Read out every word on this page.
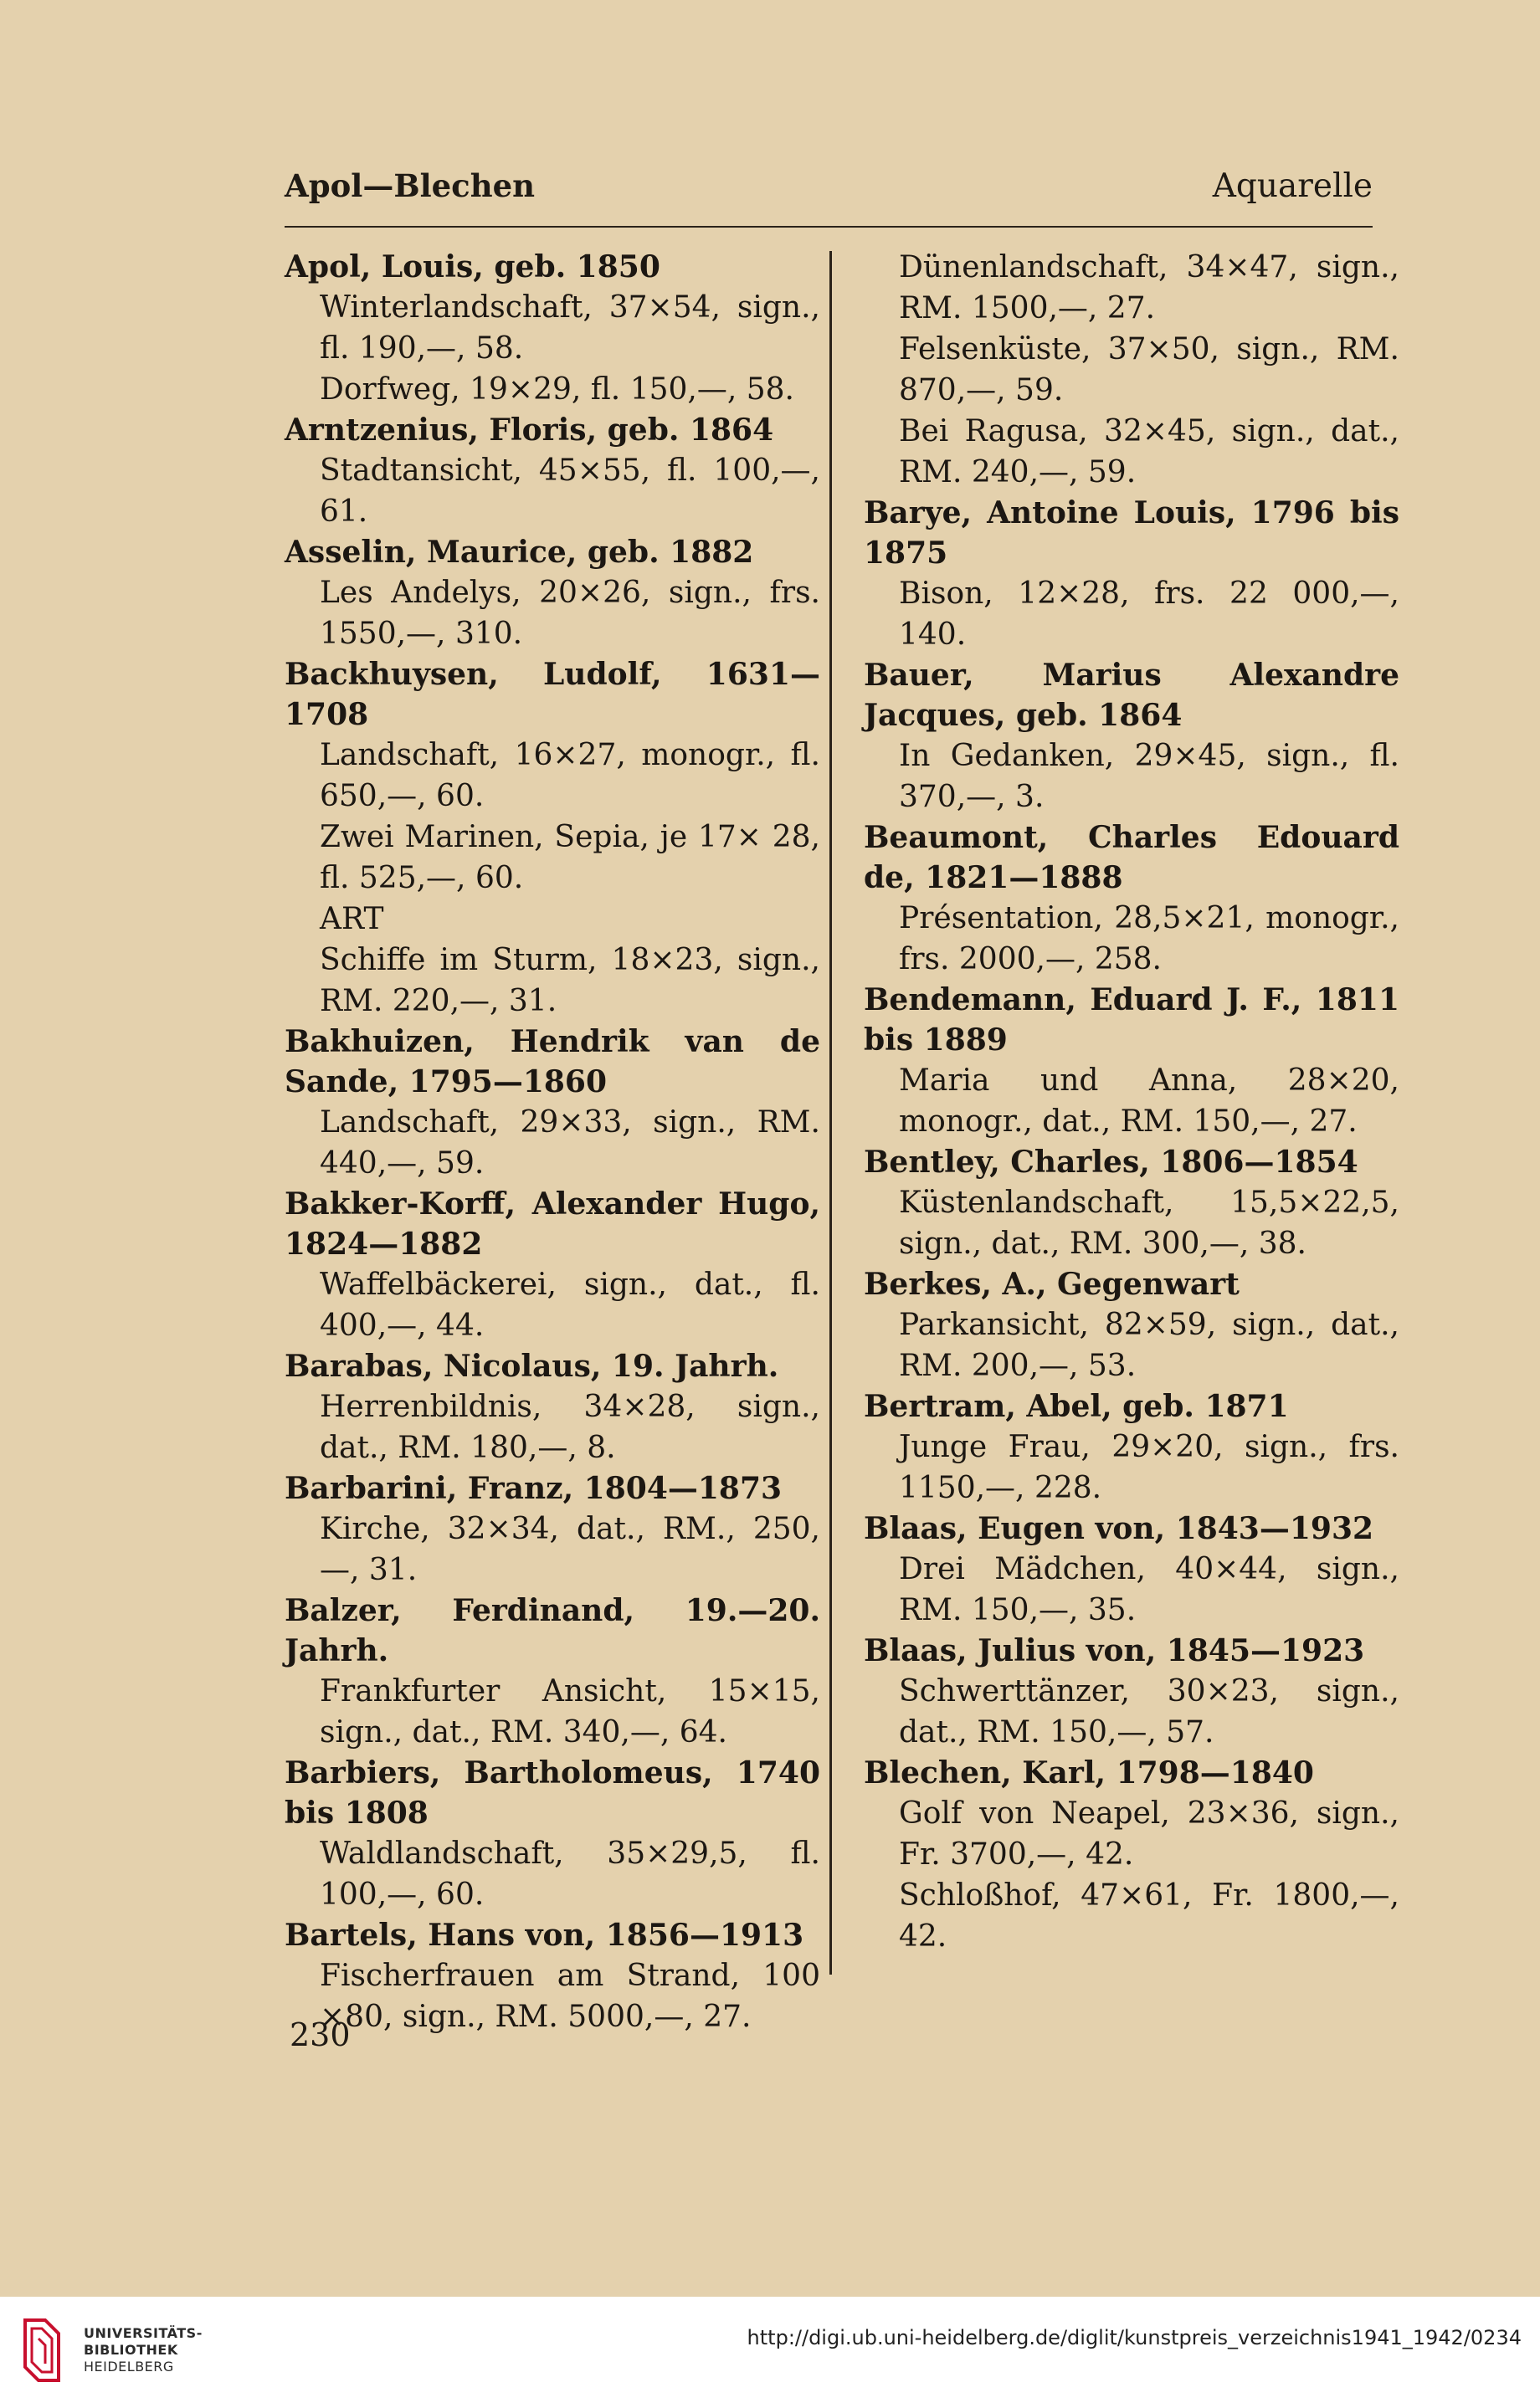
Apol—Blechen	Aquarelle
Apol, Louis, geb. 1850
Winterlandschaft, 37×54, sign., fl. 190,—, 58.
Dorfweg, 19×29, fl. 150,—, 58.
Arntzenius, Floris, geb. 1864
Stadtansicht, 45×55, fl. 100,—, 61.
Asselin, Maurice, geb. 1882
Les Andelys, 20×26, sign., frs. 1550,—, 310.
Backhuysen, Ludolf, 1631—1708
Landschaft, 16×27, monogr., fl. 650,—, 60.
Zwei Marinen, Sepia, je 17× 28, fl. 525,—, 60.
ART
Schiffe im Sturm, 18×23, sign., RM. 220,—, 31.
Bakhuizen, Hendrik van de Sande, 1795—1860
Landschaft, 29×33, sign., RM. 440,—, 59.
Bakker-Korff, Alexander Hugo, 1824—1882
Waffelbäckerei, sign., dat., fl. 400,—, 44.
Barabas, Nicolaus, 19. Jahrh.
Herrenbildnis, 34×28, sign., dat., RM. 180,—, 8.
Barbarini, Franz, 1804—1873
Kirche, 32×34, dat., RM., 250,—, 31.
Balzer, Ferdinand, 19.—20. Jahrh.
Frankfurter Ansicht, 15×15, sign., dat., RM. 340,—, 64.
Barbiers, Bartholomeus, 1740 bis 1808
Waldlandschaft, 35×29,5, fl. 100,—, 60.
Bartels, Hans von, 1856—1913
Fischerfrauen am Strand, 100 ×80, sign., RM. 5000,—, 27.
Dünenlandschaft, 34×47, sign., RM. 1500,—, 27.
Felsenküste, 37×50, sign., RM. 870,—, 59.
Bei Ragusa, 32×45, sign., dat., RM. 240,—, 59.
Barye, Antoine Louis, 1796 bis 1875
Bison, 12×28, frs. 22 000,—, 140.
Bauer, Marius Alexandre Jacques, geb. 1864
In Gedanken, 29×45, sign., fl. 370,—, 3.
Beaumont, Charles Edouard de, 1821—1888
Présentation, 28,5×21, monogr., frs. 2000,—, 258.
Bendemann, Eduard J. F., 1811 bis 1889
Maria und Anna, 28×20, monogr., dat., RM. 150,—, 27.
Bentley, Charles, 1806—1854
Küstenlandschaft, 15,5×22,5, sign., dat., RM. 300,—, 38.
Berkes, A., Gegenwart
Parkansicht, 82×59, sign., dat., RM. 200,—, 53.
Bertram, Abel, geb. 1871
Junge Frau, 29×20, sign., frs. 1150,—, 228.
Blaas, Eugen von, 1843—1932
Drei Mädchen, 40×44, sign., RM. 150,—, 35.
Blaas, Julius von, 1845—1923
Schwerttänzer, 30×23, sign., dat., RM. 150,—, 57.
Blechen, Karl, 1798—1840
Golf von Neapel, 23×36, sign., Fr. 3700,—, 42.
Schloßhof, 47×61, Fr. 1800,—, 42.
230
UNIVERSITÄTS-
BIBLIOTHEK
HEIDELBERG
http://digi.ub.uni-heidelberg.de/diglit/kunstpreis_verzeichnis1941_1942/0234
